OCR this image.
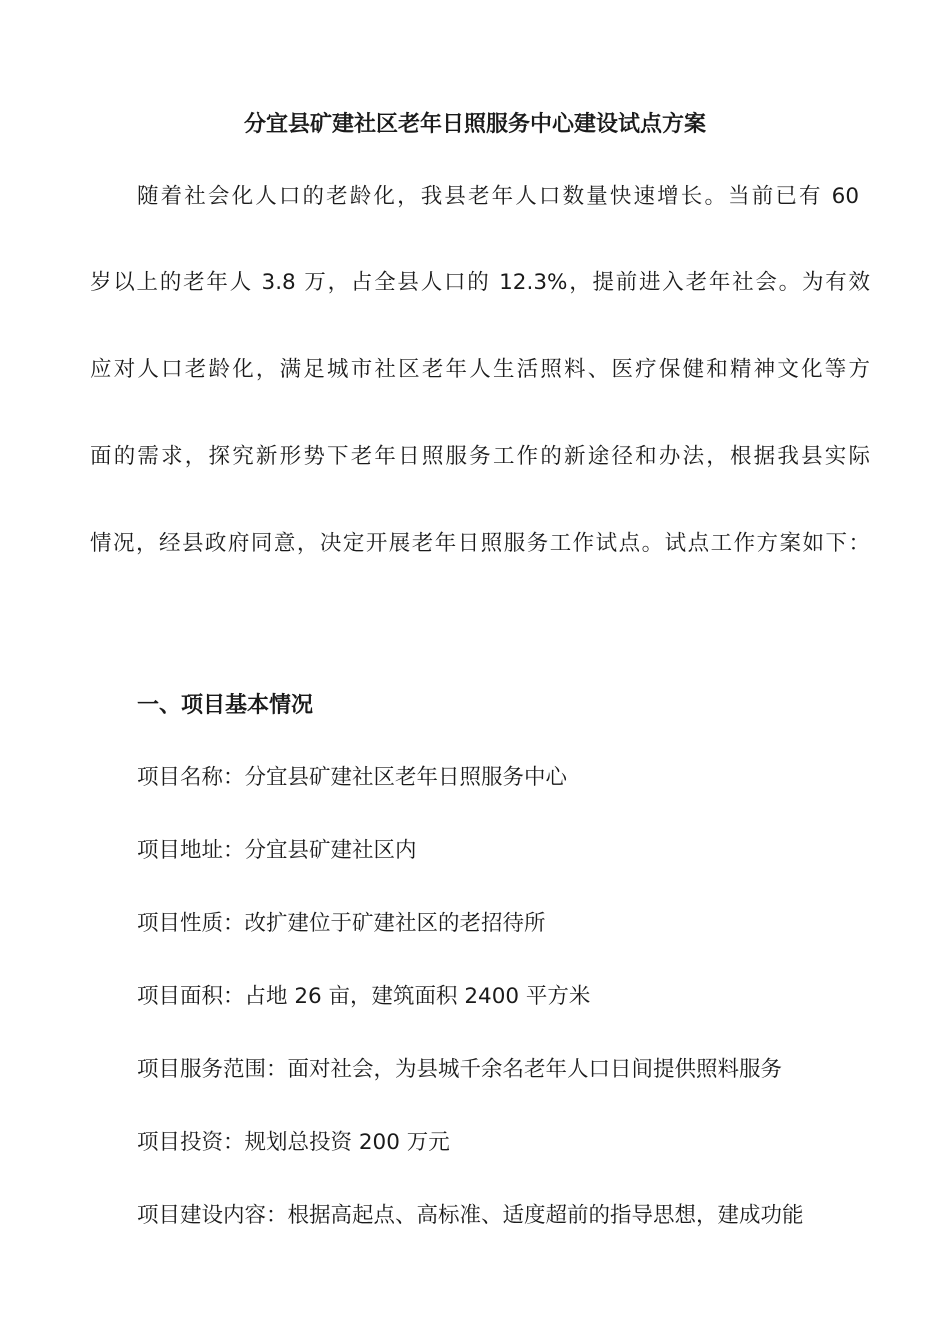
分宜县矿建社区老年日照服务中心建设试点方案
随着社会化人口的老龄化，我县老年人口数量快速增长。当前已有 60
岁以上的老年人 3.8 万，占全县人口的 12.3%，提前进入老年社会。为有效
应对人口老龄化，满足城市社区老年人生活照料、医疗保健和精神文化等方
面的需求，探究新形势下老年日照服务工作的新途径和办法，根据我县实际
情况，经县政府同意，决定开展老年日照服务工作试点。试点工作方案如下：
一、项目基本情况
项目名称：分宜县矿建社区老年日照服务中心
项目地址：分宜县矿建社区内
项目性质：改扩建位于矿建社区的老招待所
项目面积：占地 26 亩，建筑面积 2400 平方米
项目服务范围：面对社会，为县城千余名老年人口日间提供照料服务
项目投资：规划总投资 200 万元
项目建设内容：根据高起点、高标准、适度超前的指导思想，建成功能
